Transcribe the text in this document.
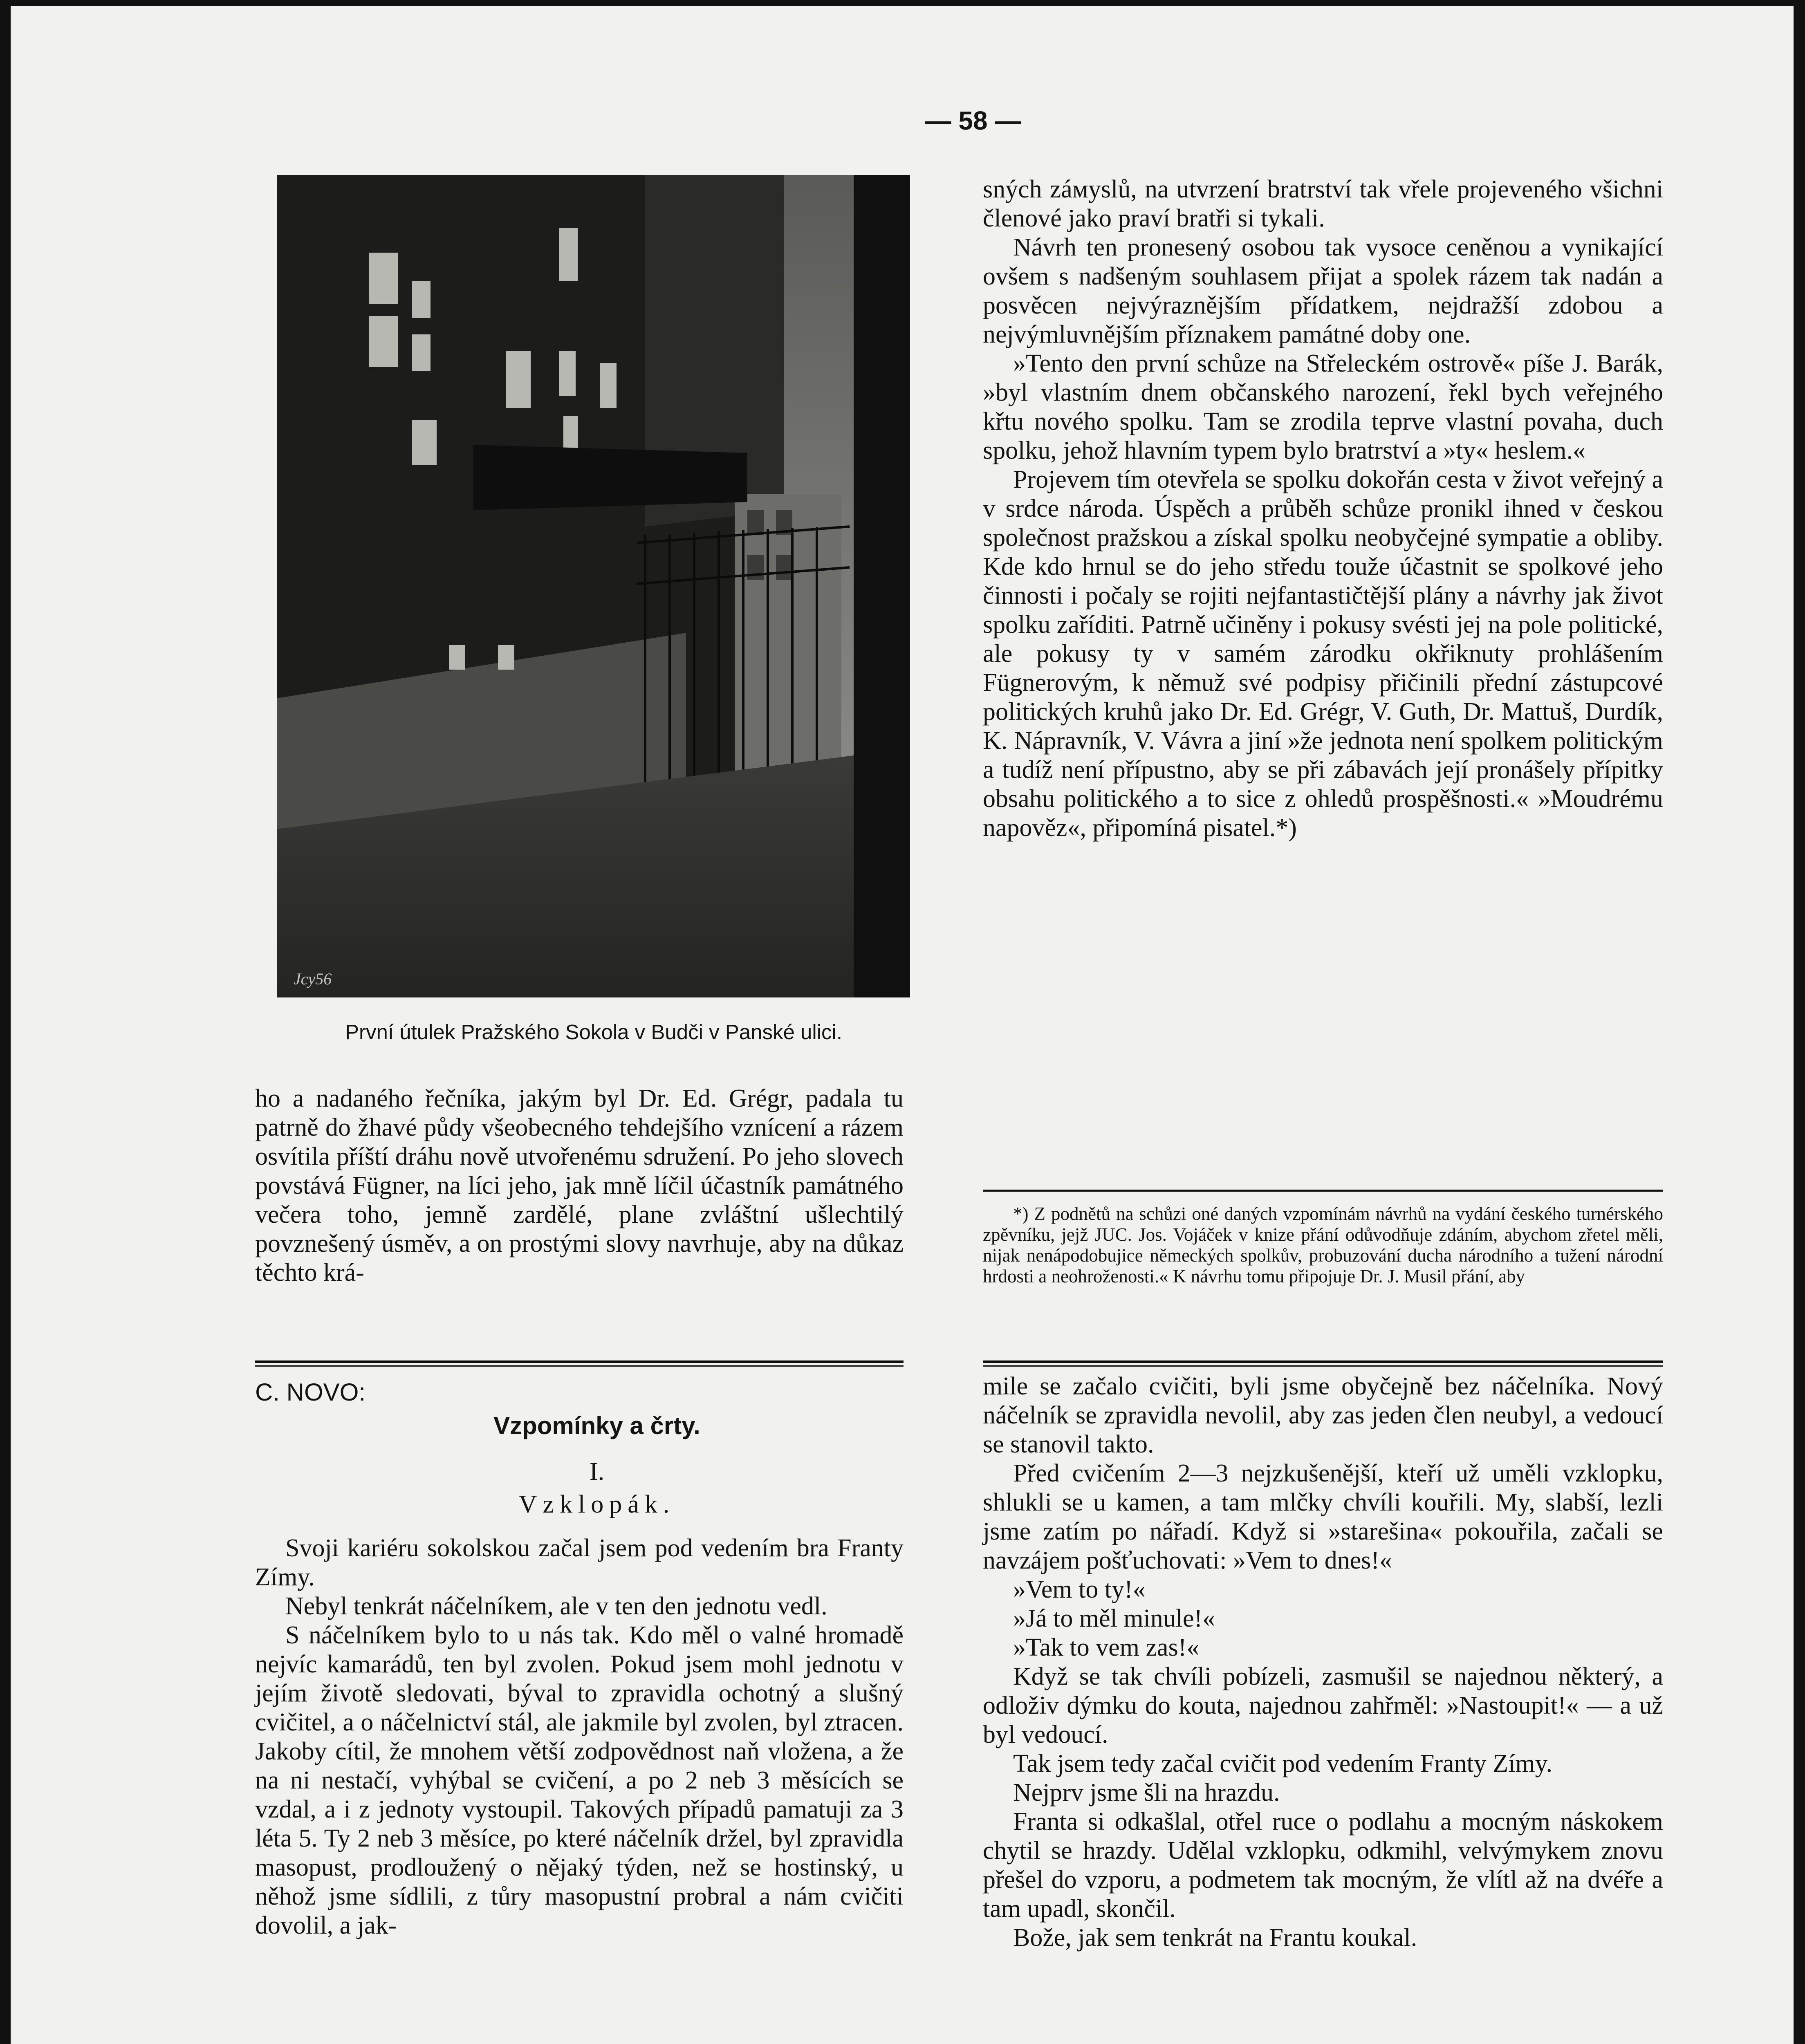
— 58 —
Jcy56
První útulek Pražského Sokola v Budči v Panské ulici.

ho a nadaného řečníka, jakým byl Dr. Ed. Grégr, padala tu patrně do žhavé půdy všeobecného tehdejšího vznícení a rázem osvítila příští dráhu nově utvořenému sdružení. Po jeho slovech povstává Fügner, na líci jeho, jak mně líčil účastník památného večera toho, jemně zardělé, plane zvláštní ušlechtilý povznešený úsměv, a on prostými slovy navrhuje, aby na důkaz těchto krá-

sných záмyslů, na utvrzení bratrství tak vřele projeveného všichni členové jako praví bratři si tykali.

Návrh ten pronesený osobou tak vysoce ceněnou a vynikající ovšem s nadšeným souhlasem přijat a spolek rázem tak nadán a posvěcen nejvýraznějším přídatkem, nejdražší zdobou a nejvýmluvnějším příznakem památné doby one.

»Tento den první schůze na Střeleckém ostrově« píše J. Barák, »byl vlastním dnem občanského narození, řekl bych veřejného křtu nového spolku. Tam se zrodila teprve vlastní povaha, duch spolku, jehož hlavním typem bylo bratrství a »ty« heslem.«

Projevem tím otevřela se spolku dokořán cesta v život veřejný a v srdce národa. Úspěch a průběh schůze pronikl ihned v českou společnost pražskou a získal spolku neobyčejné sympatie a obliby. Kde kdo hrnul se do jeho středu touže účastnit se spolkové jeho činnosti i počaly se rojiti nejfantastičtější plány a návrhy jak život spolku zaříditi. Patrně učiněny i pokusy svésti jej na pole politické, ale pokusy ty v samém zárodku okřiknuty prohlášením Fügnerovým, k němuž své podpisy přičinili přední zástupcové politických kruhů jako Dr. Ed. Grégr, V. Guth, Dr. Mattuš, Durdík, K. Nápravník, V. Vávra a jiní »že jednota není spolkem politickým a tudíž není přípustno, aby se při zábavách její pronášely přípitky obsahu politického a to sice z ohledů prospěšnosti.« »Moudrému napověz«, připomíná pisatel.*)

*) Z podnětů na schůzi oné daných vzpomínám návrhů na vydání českého turnérského zpěvníku, jejž JUC. Jos. Vojáček v knize přání odůvodňuje zdáním, abychom zřetel měli, nijak nenápodobujice německých spolkův, probuzování ducha národního a tužení národní hrdosti a neohroženosti.« K návrhu tomu připojuje Dr. J. Musil přání, aby

C. NOVO:
Vzpomínky a črty.
I.
Vzklopák.

Svoji kariéru sokolskou začal jsem pod vedením bra Franty Zímy.

Nebyl tenkrát náčelníkem, ale v ten den jednotu vedl.

S náčelníkem bylo to u nás tak. Kdo měl o valné hromadě nejvíc kamarádů, ten byl zvolen. Pokud jsem mohl jednotu v jejím životě sledovati, býval to zpravidla ochotný a slušný cvičitel, a o náčelnictví stál, ale jakmile byl zvolen, byl ztracen. Jakoby cítil, že mnohem větší zodpovědnost naň vložena, a že na ni nestačí, vyhýbal se cvičení, a po 2 neb 3 měsících se vzdal, a i z jednoty vystoupil. Takových případů pamatuji za 3 léta 5. Ty 2 neb 3 měsíce, po které náčelník držel, byl zpravidla masopust, prodloužený o nějaký týden, než se hostinský, u něhož jsme sídlili, z tůry masopustní probral a nám cvičiti dovolil, a jak-

mile se začalo cvičiti, byli jsme obyčejně bez náčelníka. Nový náčelník se zpravidla nevolil, aby zas jeden člen neubyl, a vedoucí se stanovil takto.

Před cvičením 2—3 nejzkušenější, kteří už uměli vzklopku, shlukli se u kamen, a tam mlčky chvíli kouřili. My, slabší, lezli jsme zatím po nářadí. Když si »starešina« pokouřila, začali se navzájem pošťuchovati: »Vem to dnes!«

»Vem to ty!«

»Já to měl minule!«

»Tak to vem zas!«

Když se tak chvíli pobízeli, zasmušil se najednou některý, a odloživ dýmku do kouta, najednou zahřměl: »Nastoupit!« — a už byl vedoucí.

Tak jsem tedy začal cvičit pod vedením Franty Zímy.

Nejprv jsme šli na hrazdu.

Franta si odkašlal, otřel ruce o podlahu a mocným náskokem chytil se hrazdy. Udělal vzklopku, odkmihl, velvýmykem znovu přešel do vzporu, a podmetem tak mocným, že vlítl až na dvéře a tam upadl, skončil.

Bože, jak sem tenkrát na Frantu koukal.
